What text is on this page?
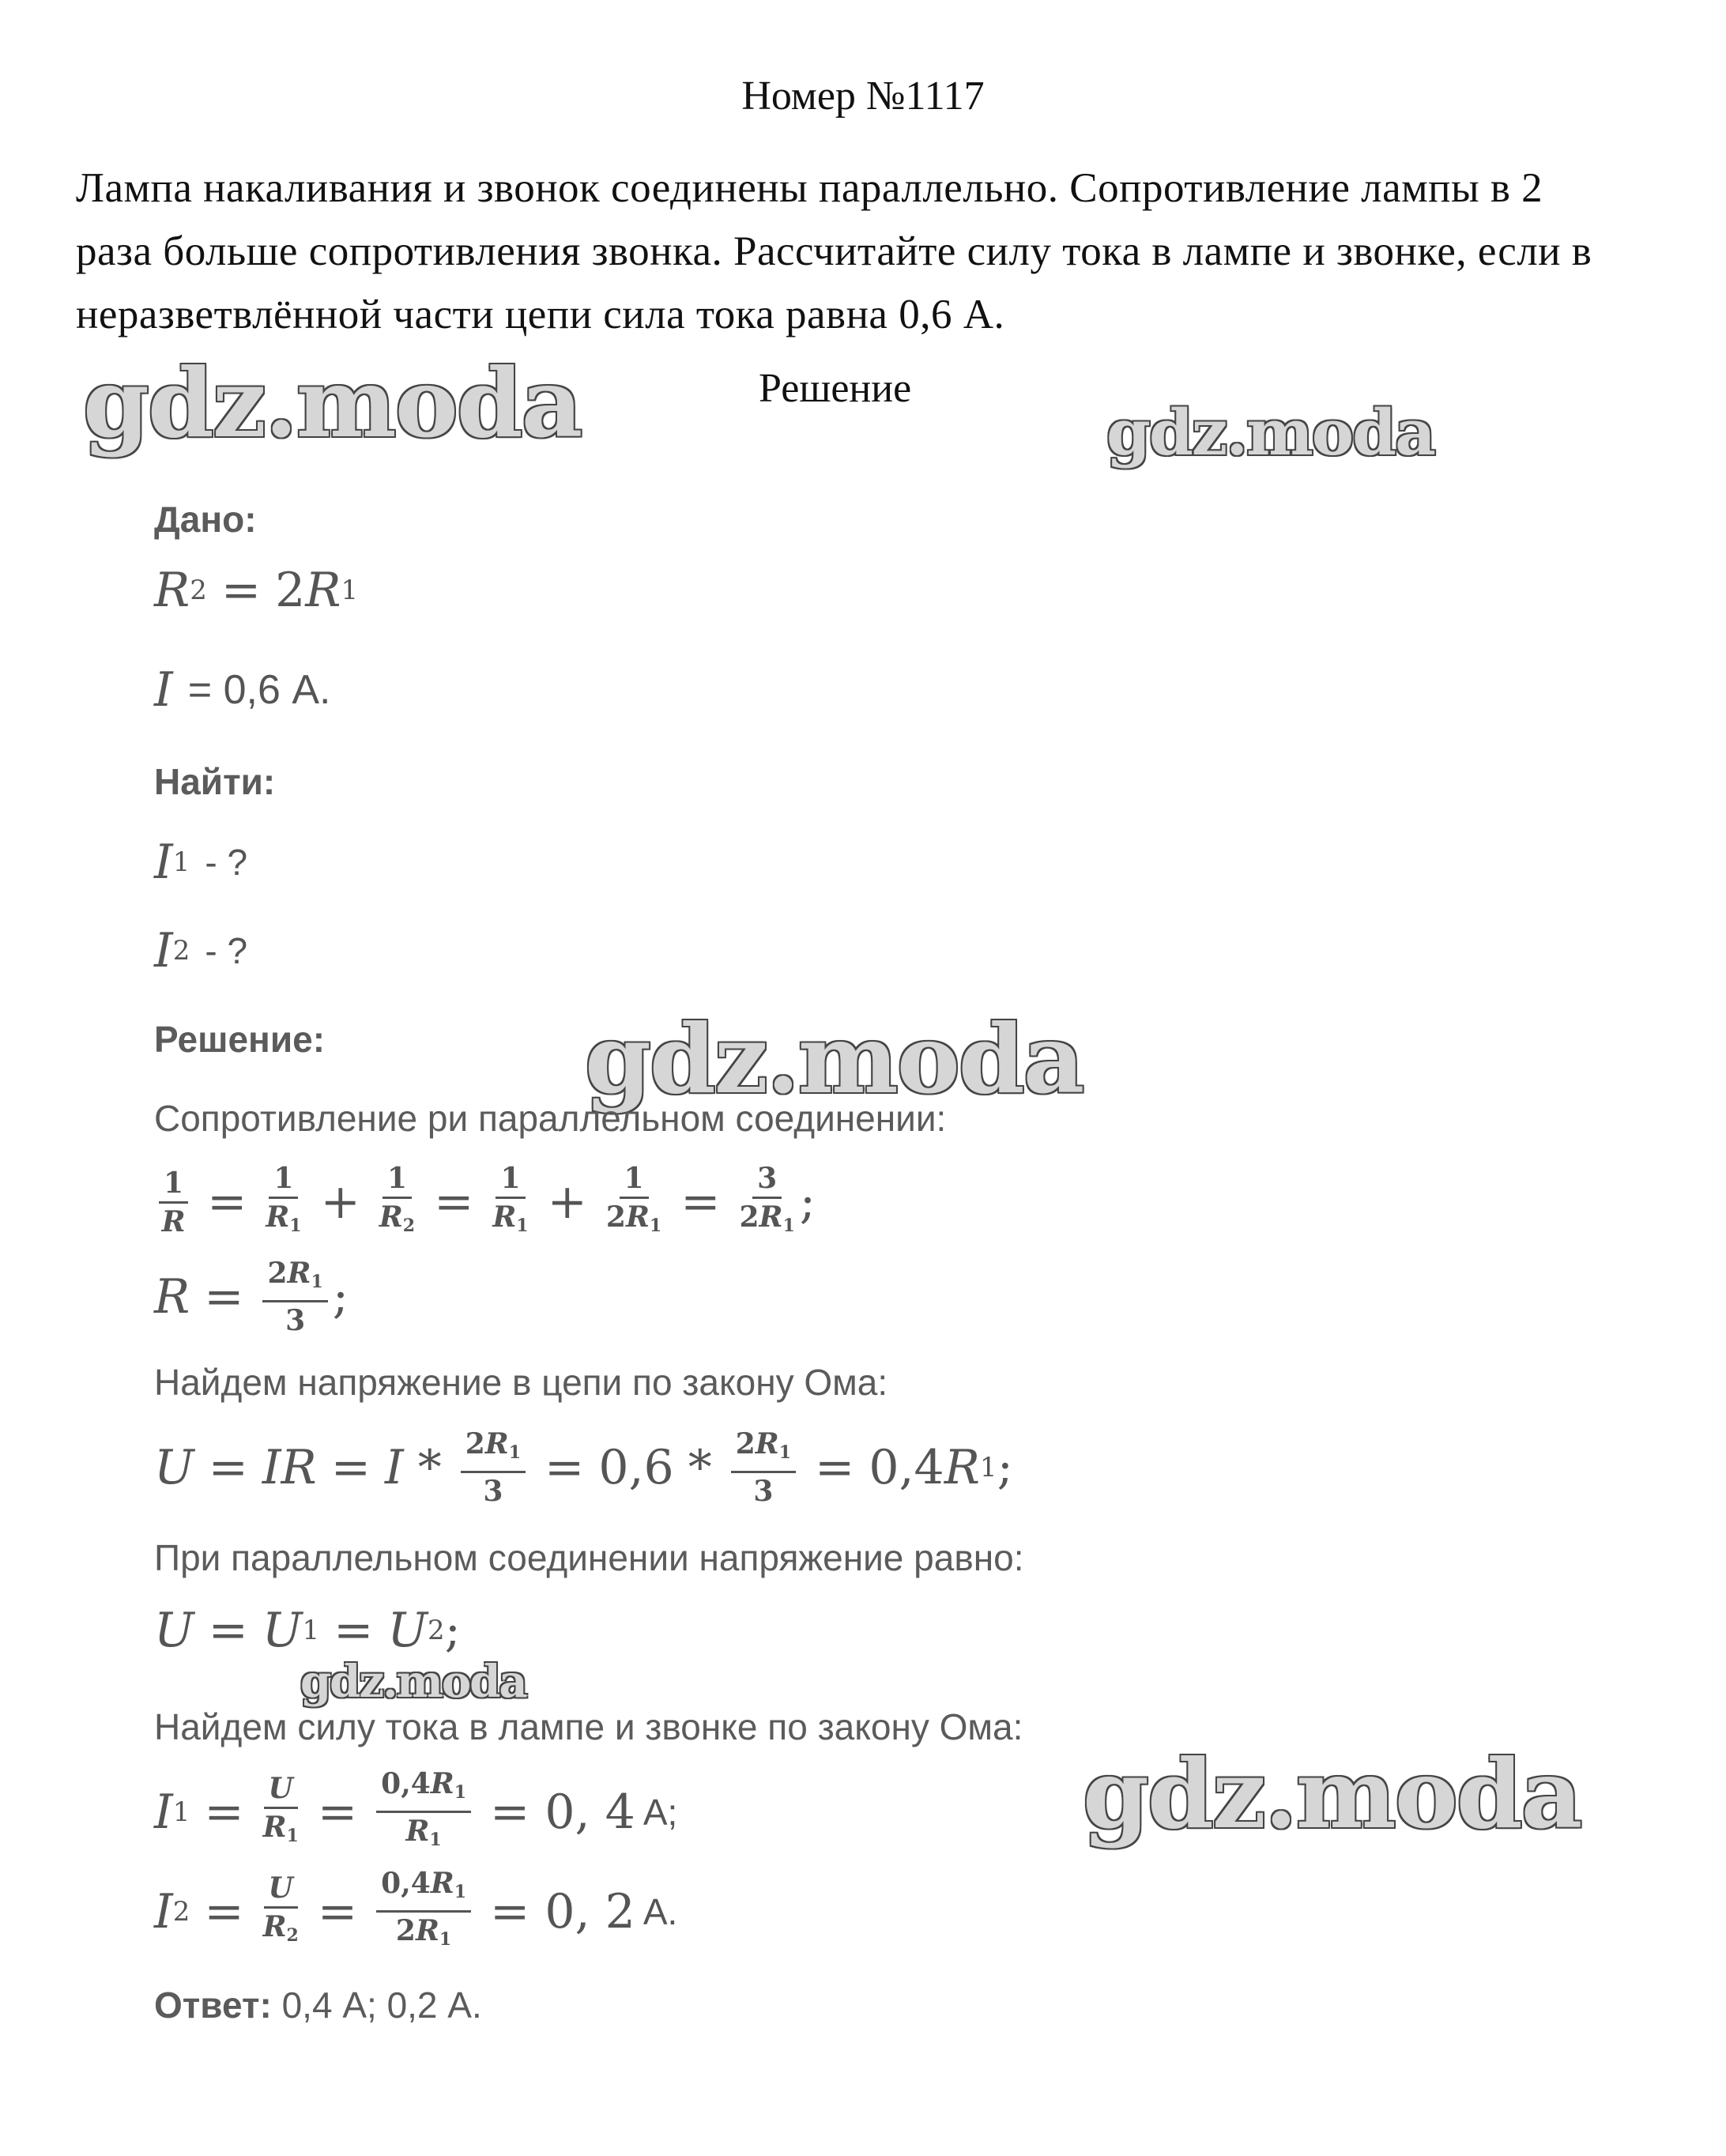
Номер №1117
Лампа накаливания и звонок соединены параллельно. Сопротивление лампы в 2 раза больше сопротивления звонка. Рассчитайте силу тока в лампе и звонке, если в неразветвлённой части цепи сила тока равна 0,6 А.
Решение
gdz.moda	gdz.moda
gdz.moda
gdz.moda
gdz.moda
Дано:
R 2 = 2 R 1
I
= 0,6 А.
Найти:
I 1
- ?
I 2
- ?
Решение:
Сопротивление ри параллельном соединении:
$\frac{1}{R} = \frac{1}{R_1} + \frac{1}{R_2} = \frac{1}{R_1} + \frac{1}{2R_1} = \frac{3}{2R_1}$ ;
$R = \frac{2R_1}{3}$ ;
Найдем напряжение в цепи по закону Ома:
U = IR = $I * \frac{2R_1}{3} = 0,6 * \frac{2R_1}{3} = 0,4$ R 1 ;
При параллельном соединении напряжение равно:
U = U 1 = U 2 ;
Найдем силу тока в лампе и звонке по закону Ома:
I $1 = \frac{U}{R_1} = \frac{0,4R_1}{R_1} = 0$, 4 А;
I $2 = \frac{U}{R_2} = \frac{0,4R_1}{2R_1} = 0$, 2 А.
Ответ: 0,4 А; 0,2 А.
